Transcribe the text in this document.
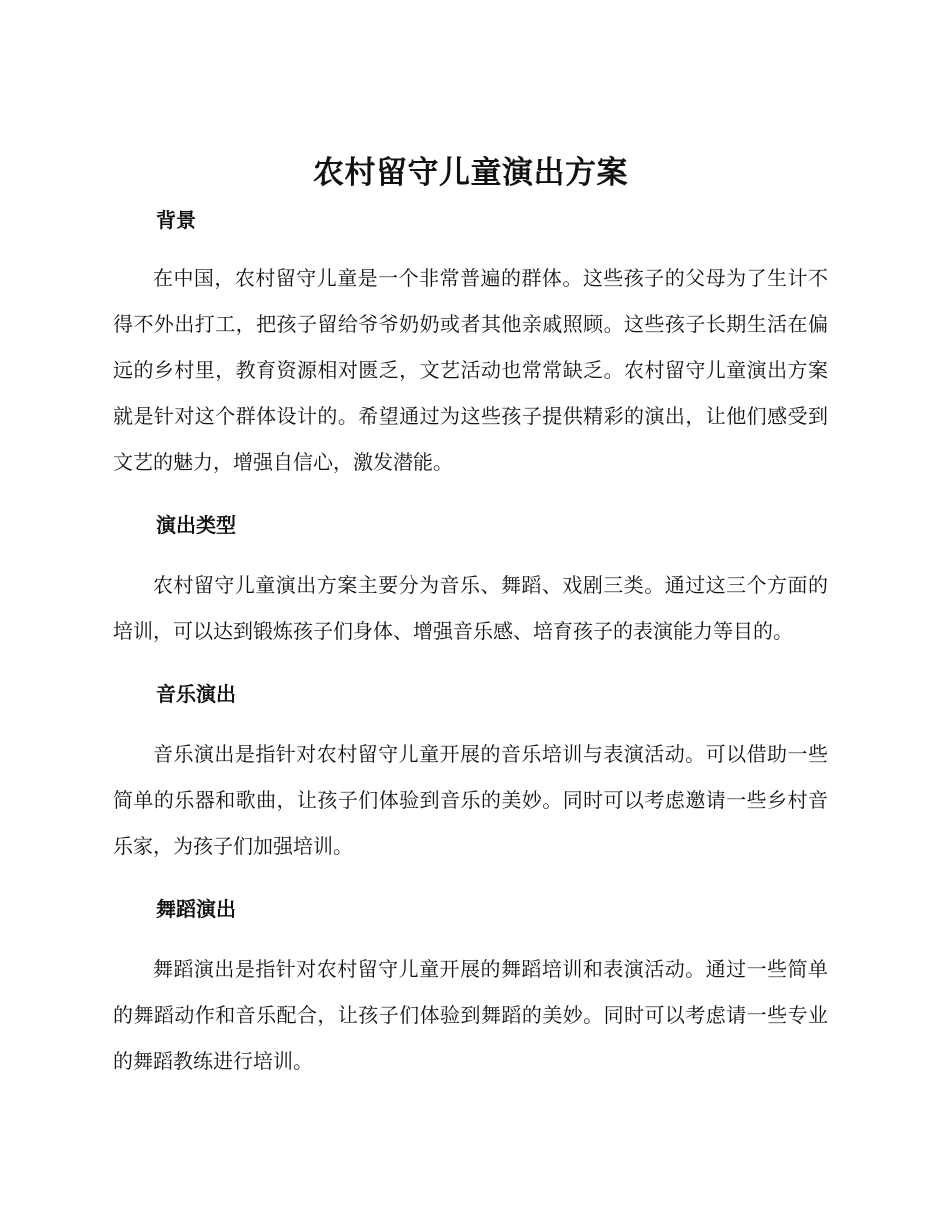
农村留守儿童演出方案
背景

在中国，农村留守儿童是一个非常普遍的群体。这些孩子的父母为了生计不得不外出打工，把孩子留给爷爷奶奶或者其他亲戚照顾。这些孩子长期生活在偏远的乡村里，教育资源相对匮乏，文艺活动也常常缺乏。农村留守儿童演出方案就是针对这个群体设计的。希望通过为这些孩子提供精彩的演出，让他们感受到文艺的魅力，增强自信心，激发潜能。

演出类型

农村留守儿童演出方案主要分为音乐、舞蹈、戏剧三类。通过这三个方面的培训，可以达到锻炼孩子们身体、增强音乐感、培育孩子的表演能力等目的。

音乐演出

音乐演出是指针对农村留守儿童开展的音乐培训与表演活动。可以借助一些简单的乐器和歌曲，让孩子们体验到音乐的美妙。同时可以考虑邀请一些乡村音乐家，为孩子们加强培训。

舞蹈演出

舞蹈演出是指针对农村留守儿童开展的舞蹈培训和表演活动。通过一些简单的舞蹈动作和音乐配合，让孩子们体验到舞蹈的美妙。同时可以考虑请一些专业的舞蹈教练进行培训。
